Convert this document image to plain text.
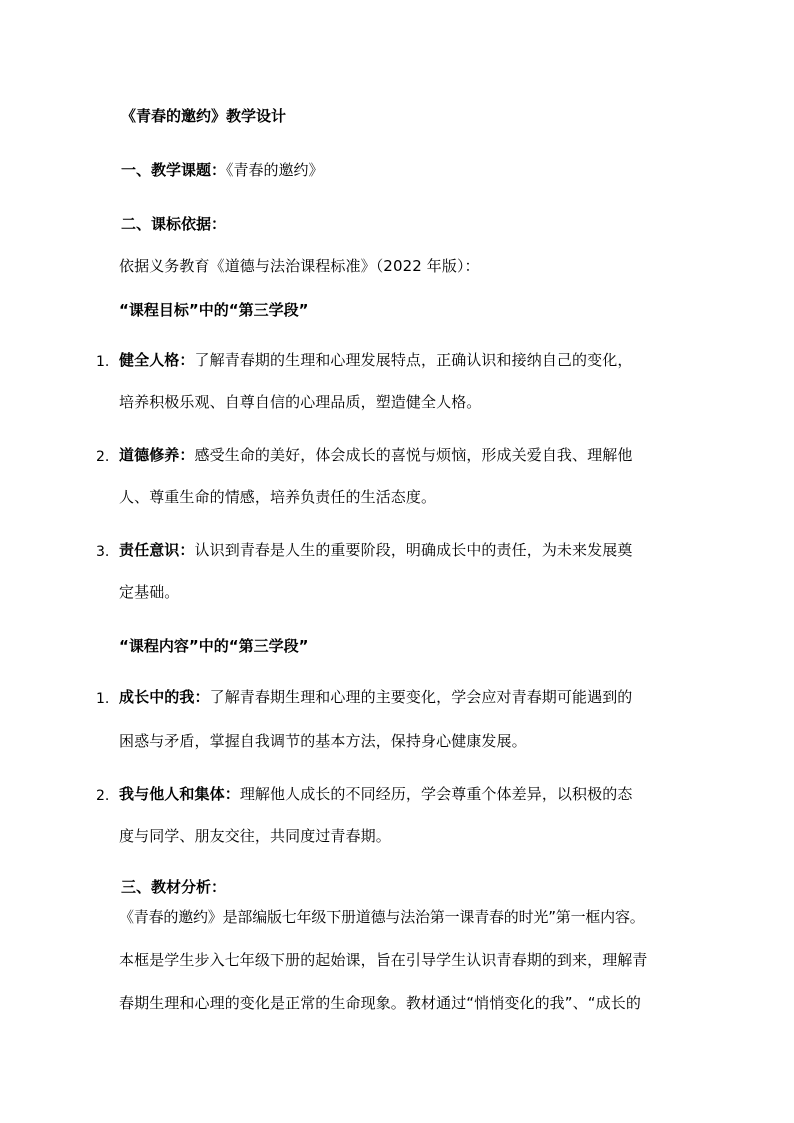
《青春的邀约》教学设计
一、教学课题：《青春的邀约》
二、课标依据：
依据义务教育《道德与法治课程标准》（2022 年版）：
“课程目标”中的“第三学段”
1. 健全人格：了解青春期的生理和心理发展特点，正确认识和接纳自己的变化，
培养积极乐观、自尊自信的心理品质，塑造健全人格。
2. 道德修养：感受生命的美好，体会成长的喜悦与烦恼，形成关爱自我、理解他
人、尊重生命的情感，培养负责任的生活态度。
3. 责任意识：认识到青春是人生的重要阶段，明确成长中的责任，为未来发展奠
定基础。
“课程内容”中的“第三学段”
1. 成长中的我：了解青春期生理和心理的主要变化，学会应对青春期可能遇到的
困惑与矛盾，掌握自我调节的基本方法，保持身心健康发展。
2. 我与他人和集体：理解他人成长的不同经历，学会尊重个体差异，以积极的态
度与同学、朋友交往，共同度过青春期。
三、教材分析：
《青春的邀约》是部编版七年级下册道德与法治第一课青春的时光”第一框内容。
本框是学生步入七年级下册的起始课，旨在引导学生认识青春期的到来，理解青
春期生理和心理的变化是正常的生命现象。教材通过“悄悄变化的我”、“成长的
